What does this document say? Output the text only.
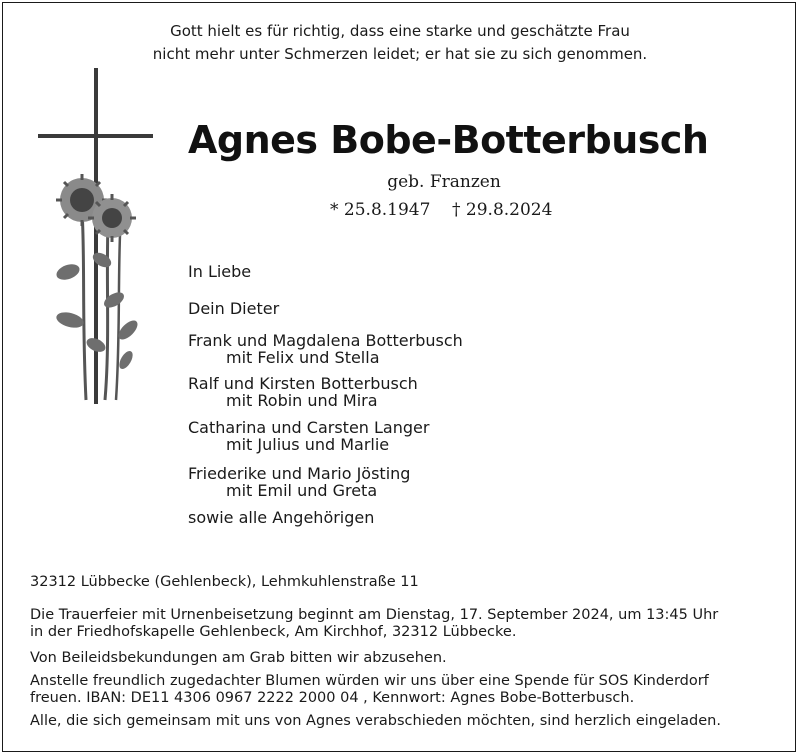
Gott hielt es für richtig, dass eine starke und geschätzte Frau
nicht mehr unter Schmerzen leidet; er hat sie zu sich genommen.
Agnes Bobe-Botterbusch
geb. Franzen
* 25.8.1947 † 29.8.2024
In Liebe
Dein Dieter
Frank und Magdalena Botterbusch
mit Felix und Stella
Ralf und Kirsten Botterbusch
mit Robin und Mira
Catharina und Carsten Langer
mit Julius und Marlie
Friederike und Mario Jösting
mit Emil und Greta
sowie alle Angehörigen
32312 Lübbecke (Gehlenbeck), Lehmkuhlenstraße 11
Die Trauerfeier mit Urnenbeisetzung beginnt am Dienstag, 17. September 2024, um 13:45 Uhr
in der Friedhofskapelle Gehlenbeck, Am Kirchhof, 32312 Lübbecke.
Von Beileidsbekundungen am Grab bitten wir abzusehen.
Anstelle freundlich zugedachter Blumen würden wir uns über eine Spende für SOS Kinderdorf
freuen. IBAN: DE11 4306 0967 2222 2000 04 , Kennwort: Agnes Bobe-Botterbusch.
Alle, die sich gemeinsam mit uns von Agnes verabschieden möchten, sind herzlich eingeladen.
